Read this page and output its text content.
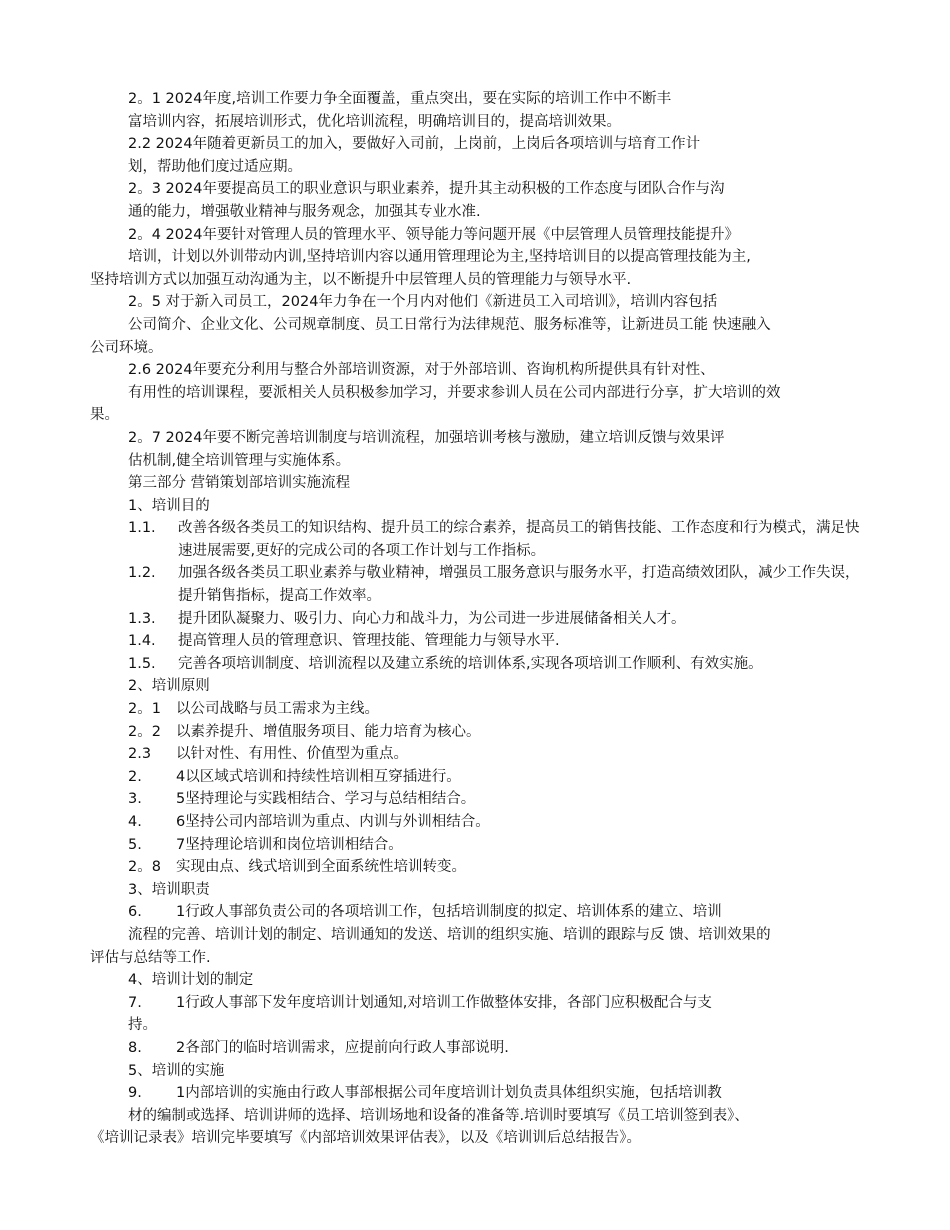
2。1 2024年度,培训工作要力争全面覆盖，重点突出，要在实际的培训工作中不断丰
富培训内容，拓展培训形式，优化培训流程，明确培训目的，提高培训效果。
2.2 2024年随着更新员工的加入，要做好入司前，上岗前，上岗后各项培训与培育工作计
划，帮助他们度过适应期。
2。3 2024年要提高员工的职业意识与职业素养，提升其主动积极的工作态度与团队合作与沟
通的能力，增强敬业精神与服务观念，加强其专业水准.
2。4 2024年要针对管理人员的管理水平、领导能力等问题开展《中层管理人员管理技能提升》
培训，计划以外训带动内训,坚持培训内容以通用管理理论为主,坚持培训目的以提高管理技能为主,
坚持培训方式以加强互动沟通为主，以不断提升中层管理人员的管理能力与领导水平.
2。5 对于新入司员工，2024年力争在一个月内对他们《新进员工入司培训》，培训内容包括
公司简介、企业文化、公司规章制度、员工日常行为法律规范、服务标准等，让新进员工能 快速融入
公司环境。
2.6 2024年要充分利用与整合外部培训资源，对于外部培训、咨询机构所提供具有针对性、
有用性的培训课程，要派相关人员积极参加学习，并要求参训人员在公司内部进行分享，扩大培训的效
果。
2。7 2024年要不断完善培训制度与培训流程，加强培训考核与激励，建立培训反馈与效果评
估机制,健全培训管理与实施体系。
第三部分 营销策划部培训实施流程
1、培训目的
1.1.	改善各级各类员工的知识结构、提升员工的综合素养，提高员工的销售技能、工作态度和行为模式，满足快速进展需要,更好的完成公司的各项工作计划与工作指标。
1.2.	加强各级各类员工职业素养与敬业精神，增强员工服务意识与服务水平，打造高绩效团队，减少工作失误，提升销售指标，提高工作效率。
1.3.	提升团队凝聚力、吸引力、向心力和战斗力，为公司进一步进展储备相关人才。
1.4.	提高管理人员的管理意识、管理技能、管理能力与领导水平.
1.5.	完善各项培训制度、培训流程以及建立系统的培训体系,实现各项培训工作顺利、有效实施。
2、培训原则
2。1 以公司战略与员工需求为主线。
2。2 以素养提升、增值服务项目、能力培育为核心。
2.3 以针对性、有用性、价值型为重点。
2. 4以区域式培训和持续性培训相互穿插进行。
3. 5坚持理论与实践相结合、学习与总结相结合。
4. 6坚持公司内部培训为重点、内训与外训相结合。
5. 7坚持理论培训和岗位培训相结合。
2。8 实现由点、线式培训到全面系统性培训转变。
3、培训职责
6. 1行政人事部负责公司的各项培训工作，包括培训制度的拟定、培训体系的建立、培训
流程的完善、培训计划的制定、培训通知的发送、培训的组织实施、培训的跟踪与反 馈、培训效果的
评估与总结等工作.
4、培训计划的制定
7. 1行政人事部下发年度培训计划通知,对培训工作做整体安排，各部门应积极配合与支
持。
8. 2各部门的临时培训需求，应提前向行政人事部说明.
5、培训的实施
9. 1内部培训的实施由行政人事部根据公司年度培训计划负责具体组织实施，包括培训教
材的编制或选择、培训讲师的选择、培训场地和设备的准备等.培训时要填写《员工培训签到表》、
《培训记录表》培训完毕要填写《内部培训效果评估表》，以及《培训训后总结报告》。
